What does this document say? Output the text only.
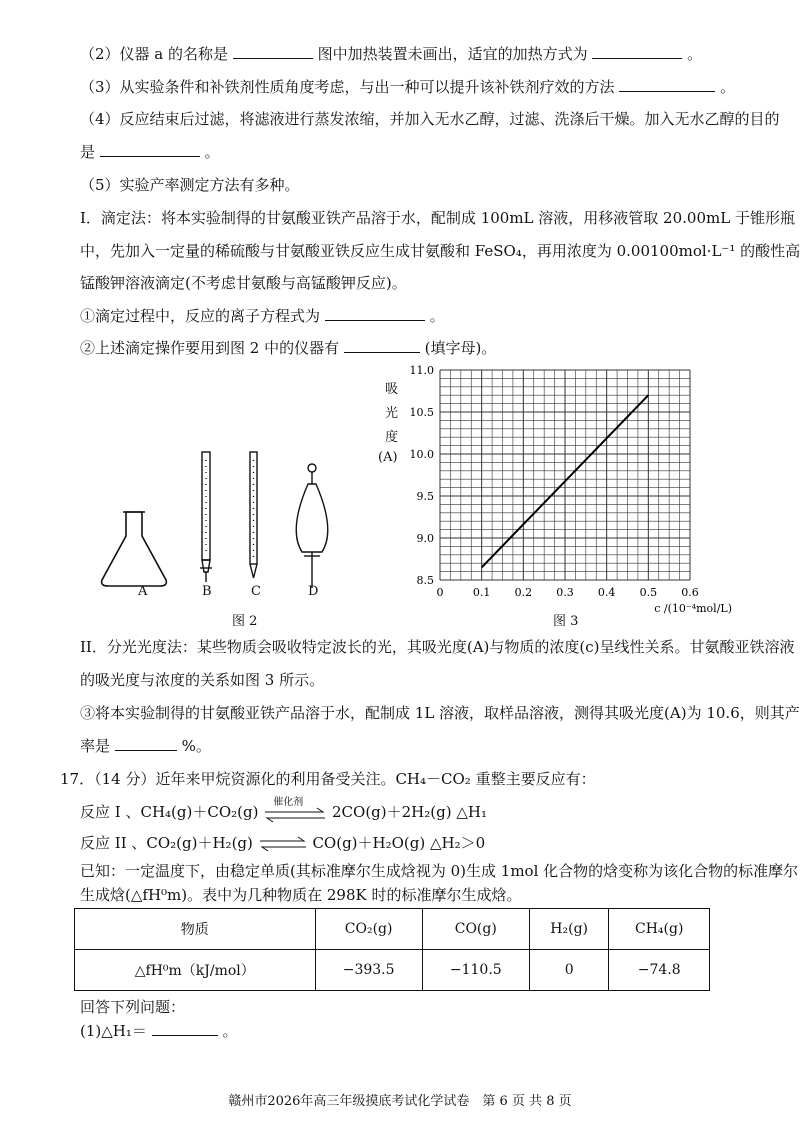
（2）仪器 a 的名称是	图中加热装置未画出，适宜的加热方式为	。
（3）从实验条件和补铁剂性质角度考虑，与出一种可以提升该补铁剂疗效的方法	。
（4）反应结束后过滤，将滤液进行蒸发浓缩，并加入无水乙醇，过滤、洗涤后干燥。加入无水乙醇的目的
是	。
（5）实验产率测定方法有多种。
I．滴定法：将本实验制得的甘氨酸亚铁产品溶于水，配制成 100mL 溶液，用移液管取 20.00mL 于锥形瓶
中，先加入一定量的稀硫酸与甘氨酸亚铁反应生成甘氨酸和 FeSO₄，再用浓度为 0.00100mol·L⁻¹ 的酸性高
锰酸钾溶液滴定(不考虑甘氨酸与高锰酸钾反应)。
①滴定过程中，反应的离子方程式为	。
②上述滴定操作要用到图 2 中的仪器有	(填字母)。
A	B	C	D
图 2
吸
光
度
(A)
0	0.1 0.2 0.3 0.4 0.5 0.6
8.5
9.0
9.5
10.0
10.5
11.0
c /(10⁻⁴mol/L)
图 3
II．分光光度法：某些物质会吸收特定波长的光，其吸光度(A)与物质的浓度(c)呈线性关系。甘氨酸亚铁溶液
的吸光度与浓度的关系如图 3 所示。
③将本实验制得的甘氨酸亚铁产品溶于水，配制成 1L 溶液，取样品溶液，测得其吸光度(A)为 10.6，则其产
率是	%。
17．（14 分）近年来甲烷资源化的利用备受关注。CH₄－CO₂ 重整主要反应有：
反应 I 、CH₄(g)＋CO₂(g)
催化剂
2CO(g)＋2H₂(g) △H₁
反应 II 、CO₂(g)＋H₂(g) ⇌ CO(g)＋H₂O(g) △H₂＞0
已知：一定温度下，由稳定单质(其标准摩尔生成焓视为 0)生成 1mol 化合物的焓变称为该化合物的标准摩尔
生成焓(△fH⁰m)。表中为几种物质在 298K 时的标准摩尔生成焓。
物质	CO₂(g)	CO(g)	H₂(g)	CH₄(g)
△fH⁰m（kJ/mol）	−393.5	−110.5	0	−74.8
回答下列问题：
(1)△H₁＝	。
赣州市2026年高三年级摸底考试化学试卷　第 6 页 共 8 页
